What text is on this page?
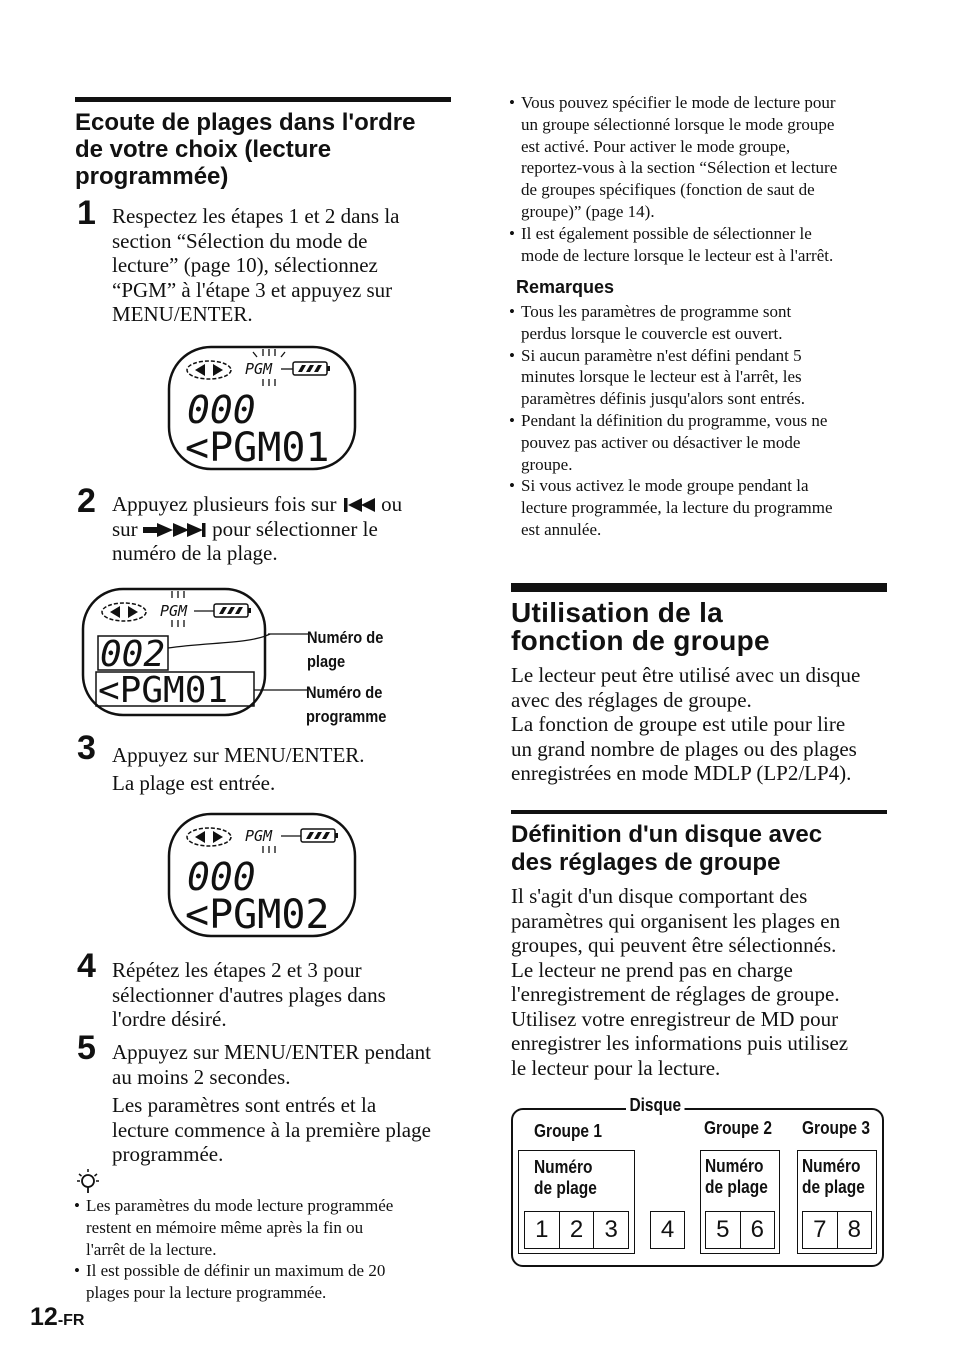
Ecoute de plages dans l'ordre
de votre choix (lecture
programmée)
1 Respectez les étapes 1 et 2 dans la
section “Sélection du mode de
lecture” (page 10), sélectionnez
“PGM” à l'étape 3 et appuyez sur
MENU/ENTER.
PGM
000
<PGM01
2 Appuyez plusieurs fois sur ou
sur	pour sélectionner le
numéro de la plage.
PGM
002
<PGM01
Numéro de
plage
Numéro de
programme
3 Appuyez sur MENU/ENTER.
La plage est entrée.
PGM
000
<PGM02
4 Répétez les étapes 2 et 3 pour
sélectionner d'autres plages dans
l'ordre désiré.
5 Appuyez sur MENU/ENTER pendant
au moins 2 secondes.
Les paramètres sont entrés et la
lecture commence à la première plage
programmée.
• Les paramètres du mode lecture programmée
restent en mémoire même après la fin ou
l'arrêt de la lecture.
• Il est possible de définir un maximum de 20
plages pour la lecture programmée.
12-FR
• Vous pouvez spécifier le mode de lecture pour
un groupe sélectionné lorsque le mode groupe
est activé. Pour activer le mode groupe,
reportez-vous à la section “Sélection et lecture
de groupes spécifiques (fonction de saut de
groupe)” (page 14).
• Il est également possible de sélectionner le
mode de lecture lorsque le lecteur est à l'arrêt.
Remarques
• Tous les paramètres de programme sont
perdus lorsque le couvercle est ouvert.
• Si aucun paramètre n'est défini pendant 5
minutes lorsque le lecteur est à l'arrêt, les
paramètres définis jusqu'alors sont entrés.
• Pendant la définition du programme, vous ne
pouvez pas activer ou désactiver le mode
groupe.
• Si vous activez le mode groupe pendant la
lecture programmée, la lecture du programme
est annulée.
Utilisation de la
fonction de groupe
Le lecteur peut être utilisé avec un disque
avec des réglages de groupe.
La fonction de groupe est utile pour lire
un grand nombre de plages ou des plages
enregistrées en mode MDLP (LP2/LP4).
Définition d'un disque avec
des réglages de groupe
Il s'agit d'un disque comportant des
paramètres qui organisent les plages en
groupes, qui peuvent être sélectionnés.
Le lecteur ne prend pas en charge
l'enregistrement de réglages de groupe.
Utilisez votre enregistreur de MD pour
enregistrer les informations puis utilisez
le lecteur pour la lecture.
Disque
Groupe 1	Groupe 2 Groupe 3
Numéro
de plage
1 2 3	4
Numéro
de plage
5 6
Numéro
de plage
7 8
